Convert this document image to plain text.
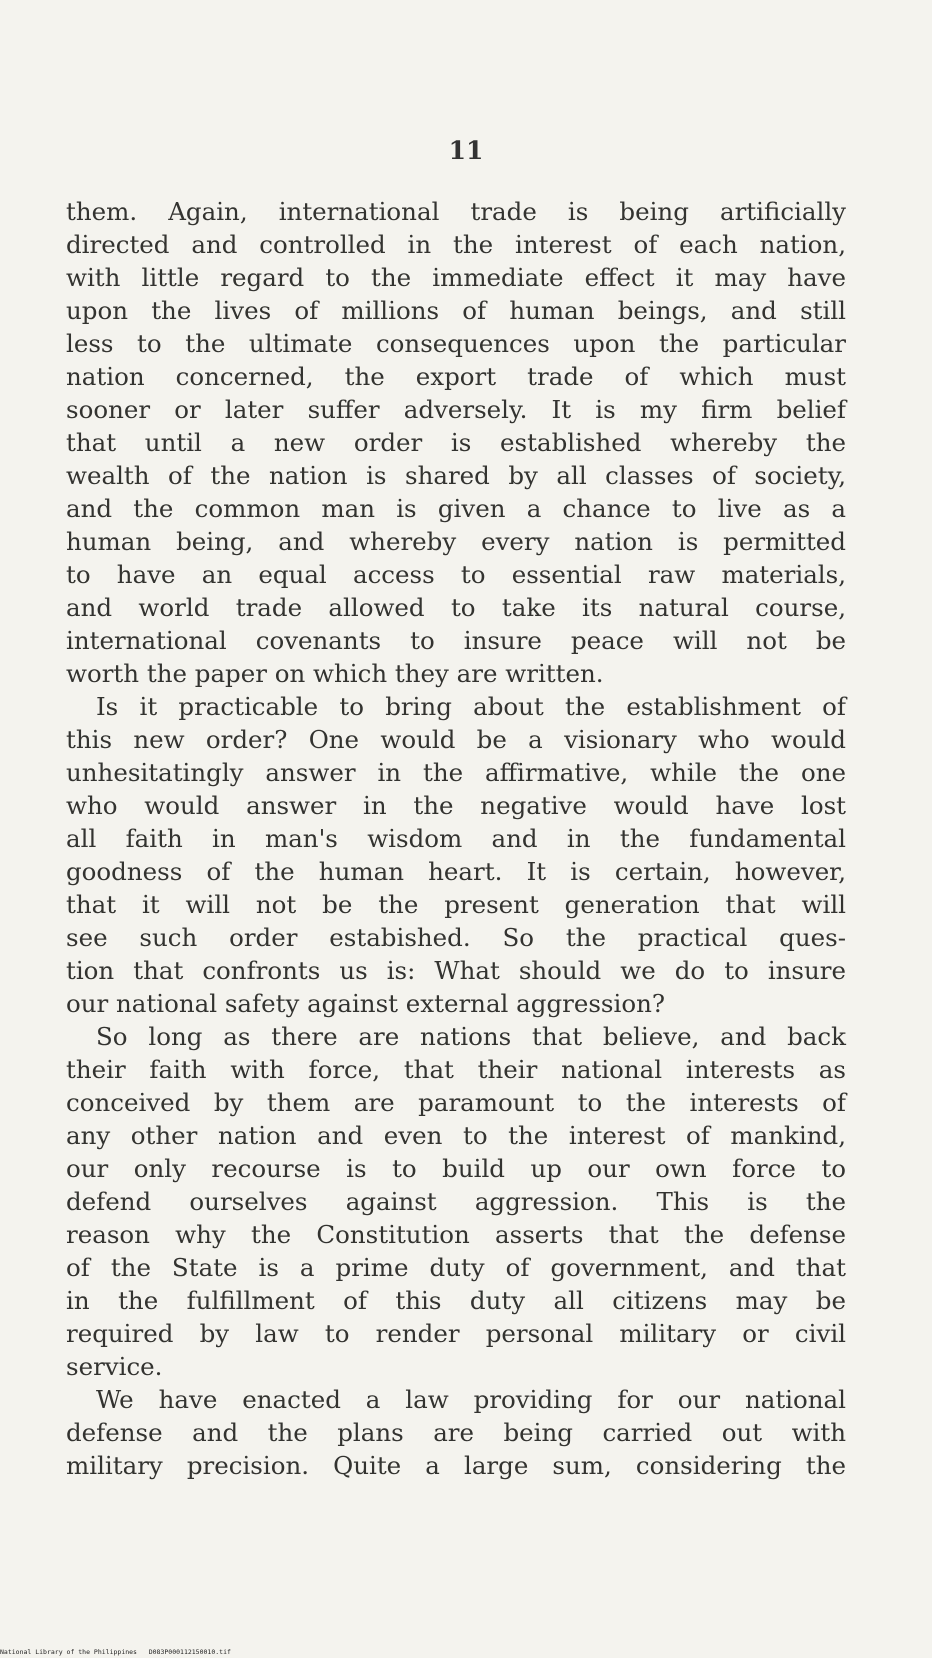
11
them. Again, international trade is being artificially
directed and controlled in the interest of each nation,
with little regard to the immediate effect it may have
upon the lives of millions of human beings, and still
less to the ultimate consequences upon the particular
nation concerned, the export trade of which must
sooner or later suffer adversely. It is my firm belief
that until a new order is established whereby the
wealth of the nation is shared by all classes of society,
and the common man is given a chance to live as a
human being, and whereby every nation is permitted
to have an equal access to essential raw materials,
and world trade allowed to take its natural course,
international covenants to insure peace will not be
worth the paper on which they are written.
Is it practicable to bring about the establishment of
this new order? One would be a visionary who would
unhesitatingly answer in the affirmative, while the one
who would answer in the negative would have lost
all faith in man's wisdom and in the fundamental
goodness of the human heart. It is certain, however,
that it will not be the present generation that will
see such order estabished. So the practical ques-
tion that confronts us is: What should we do to insure
our national safety against external aggression?
So long as there are nations that believe, and back
their faith with force, that their national interests as
conceived by them are paramount to the interests of
any other nation and even to the interest of mankind,
our only recourse is to build up our own force to
defend ourselves against aggression. This is the
reason why the Constitution asserts that the defense
of the State is a prime duty of government, and that
in the fulfillment of this duty all citizens may be
required by law to render personal military or civil
service.
We have enacted a law providing for our national
defense and the plans are being carried out with
military precision. Quite a large sum, considering the
National Library of the Philippines D083P000112150010.tif
